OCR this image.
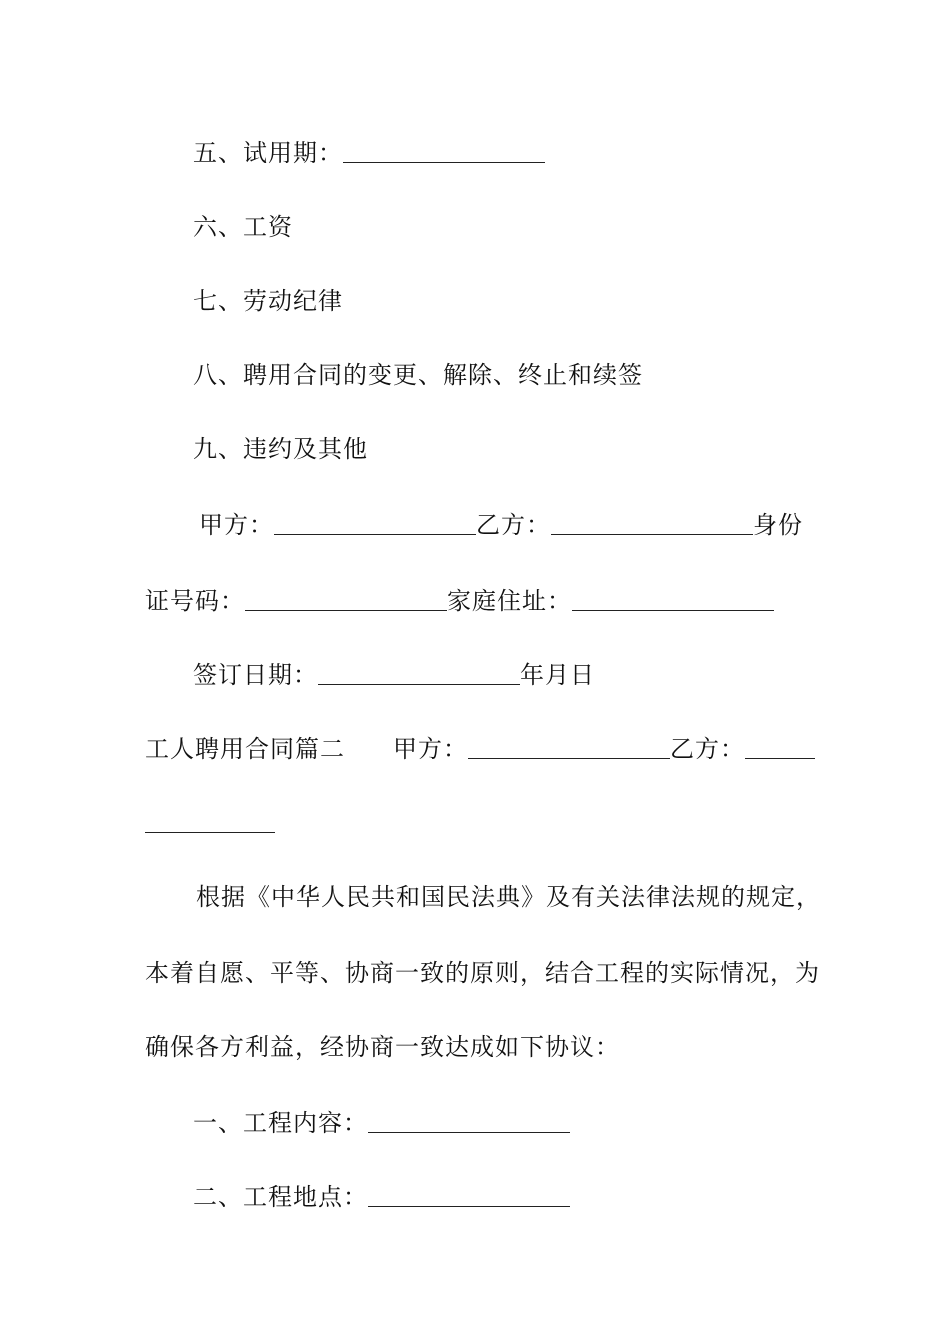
五、试用期：
六、工资
七、劳动纪律
八、聘用合同的变更、解除、终止和续签
九、违约及其他
甲方：	乙方：	身份
证号码：	家庭住址：
签订日期：	年月日
工人聘用合同篇二 甲方：	乙方：
根据《中华人民共和国民法典》及有关法律法规的规定，
本着自愿、平等、协商一致的原则，结合工程的实际情况，为
确保各方利益，经协商一致达成如下协议：
一、工程内容：
二、工程地点：
